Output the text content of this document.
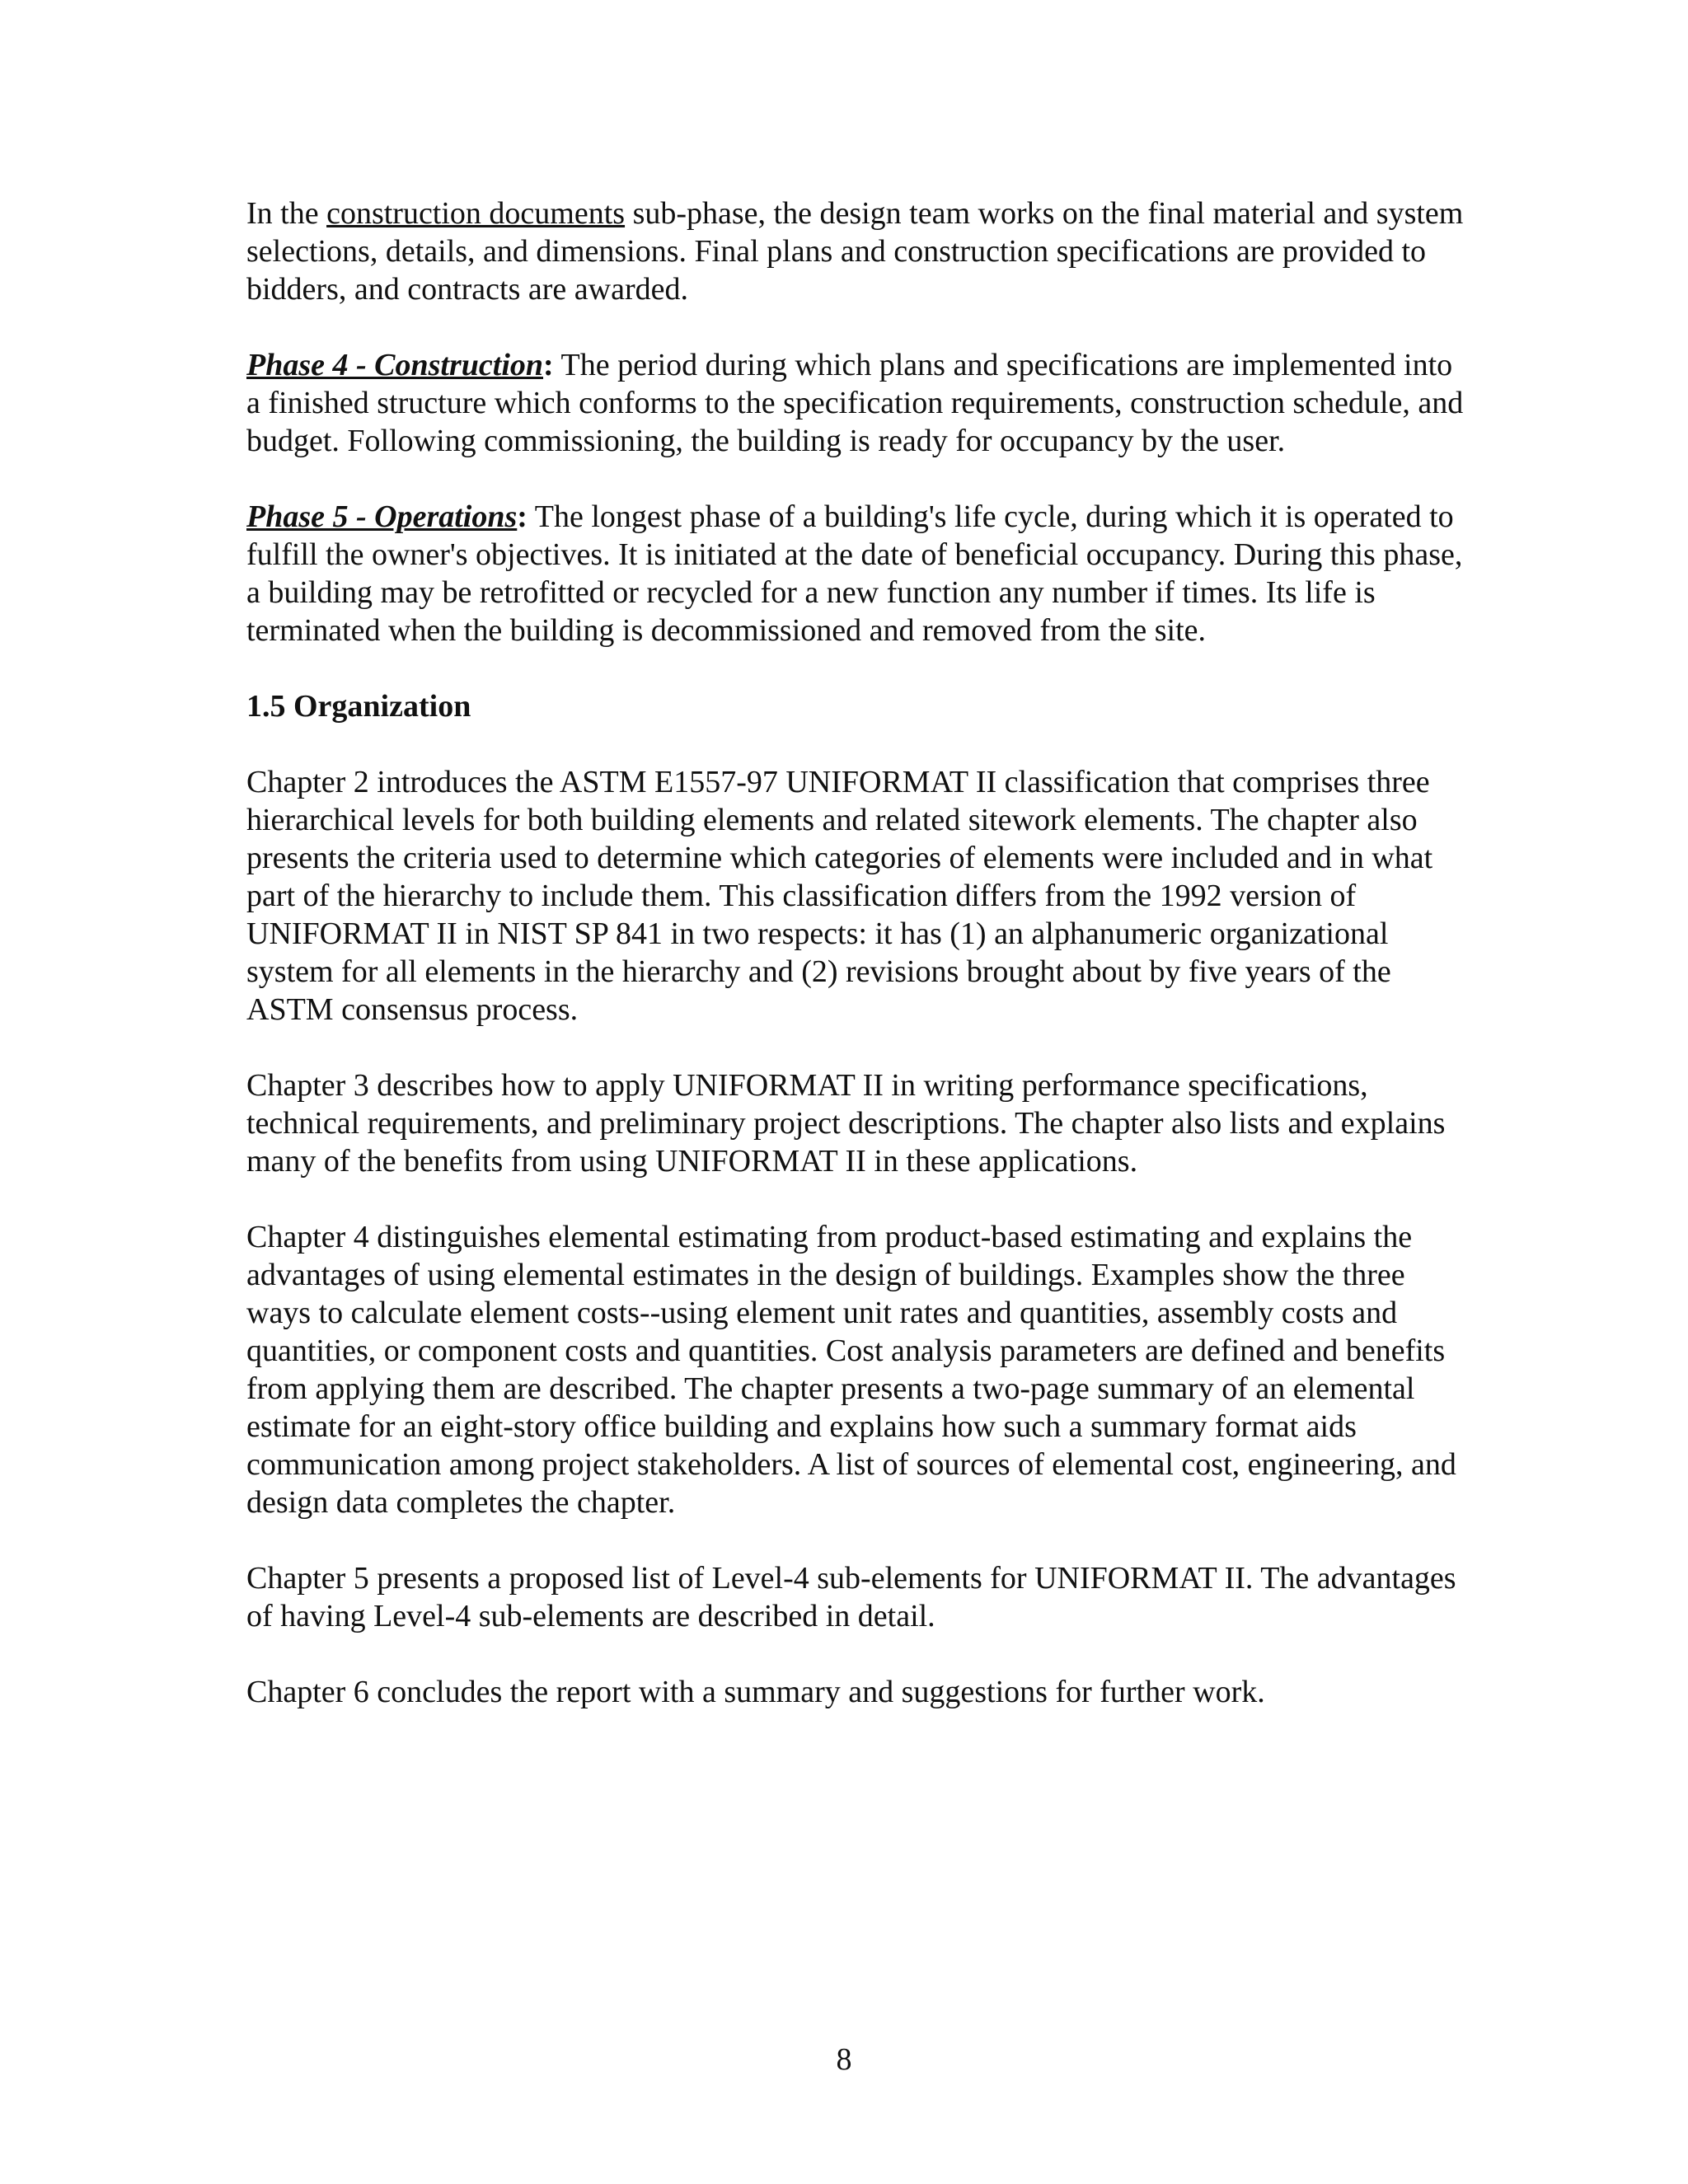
In the construction documents sub-phase, the design team works on the final material and system selections, details, and dimensions. Final plans and construction specifications are provided to bidders, and contracts are awarded.

Phase 4 - Construction: The period during which plans and specifications are implemented into a finished structure which conforms to the specification requirements, construction schedule, and budget. Following commissioning, the building is ready for occupancy by the user.

Phase 5 - Operations: The longest phase of a building's life cycle, during which it is operated to fulfill the owner's objectives. It is initiated at the date of beneficial occupancy. During this phase, a building may be retrofitted or recycled for a new function any number if times. Its life is terminated when the building is decommissioned and removed from the site.

1.5 Organization

Chapter 2 introduces the ASTM E1557-97 UNIFORMAT II classification that comprises three hierarchical levels for both building elements and related sitework elements. The chapter also presents the criteria used to determine which categories of elements were included and in what part of the hierarchy to include them. This classification differs from the 1992 version of UNIFORMAT II in NIST SP 841 in two respects: it has (1) an alphanumeric organizational system for all elements in the hierarchy and (2) revisions brought about by five years of the ASTM consensus process.

Chapter 3 describes how to apply UNIFORMAT II in writing performance specifications, technical requirements, and preliminary project descriptions. The chapter also lists and explains many of the benefits from using UNIFORMAT II in these applications.

Chapter 4 distinguishes elemental estimating from product-based estimating and explains the advantages of using elemental estimates in the design of buildings. Examples show the three ways to calculate element costs--using element unit rates and quantities, assembly costs and quantities, or component costs and quantities. Cost analysis parameters are defined and benefits from applying them are described. The chapter presents a two-page summary of an elemental estimate for an eight-story office building and explains how such a summary format aids communication among project stakeholders. A list of sources of elemental cost, engineering, and design data completes the chapter.

Chapter 5 presents a proposed list of Level-4 sub-elements for UNIFORMAT II. The advantages of having Level-4 sub-elements are described in detail.

Chapter 6 concludes the report with a summary and suggestions for further work.

8
